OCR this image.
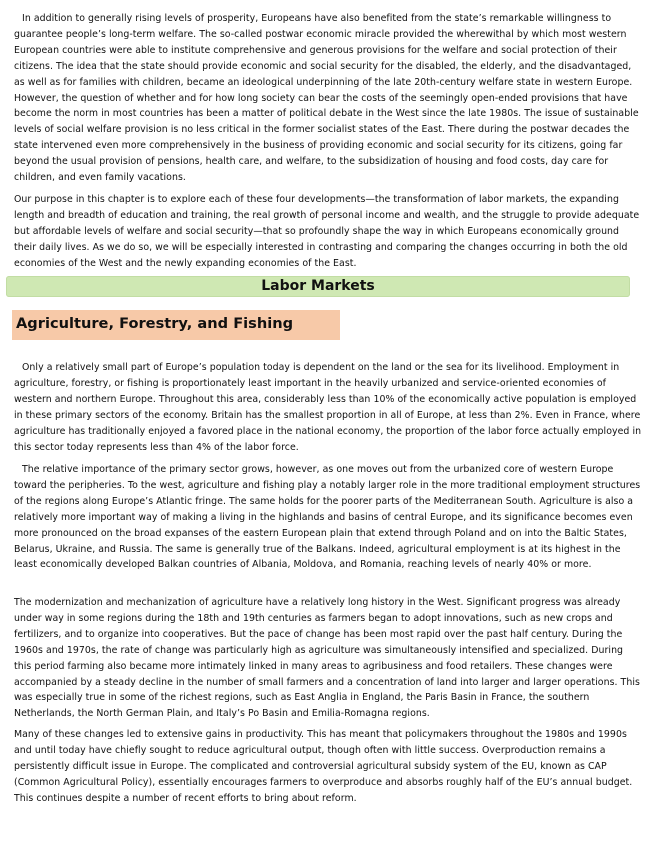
In addition to generally rising levels of prosperity, Europeans have also benefited from the state’s remarkable willingness to guarantee people’s long-term welfare. The so-called postwar economic miracle provided the wherewithal by which most western European countries were able to institute comprehensive and generous provisions for the welfare and social protection of their citizens. The idea that the state should provide economic and social security for the disabled, the elderly, and the disadvantaged, as well as for families with children, became an ideological underpinning of the late 20th-century welfare state in western Europe. However, the question of whether and for how long society can bear the costs of the seemingly open-ended provisions that have become the norm in most countries has been a matter of political debate in the West since the late 1980s. The issue of sustainable levels of social welfare provision is no less critical in the former socialist states of the East. There during the postwar decades the state intervened even more comprehensively in the business of providing economic and social security for its citizens, going far beyond the usual provision of pensions, health care, and welfare, to the subsidization of housing and food costs, day care for children, and even family vacations.

Our purpose in this chapter is to explore each of these four developments—the transformation of labor markets, the expanding length and breadth of education and training, the real growth of personal income and wealth, and the struggle to provide adequate but affordable levels of welfare and social security—that so profoundly shape the way in which Europeans economically ground their daily lives. As we do so, we will be especially interested in contrasting and comparing the changes occurring in both the old economies of the West and the newly expanding economies of the East.

Labor Markets
Agriculture, Forestry, and Fishing

Only a relatively small part of Europe’s population today is dependent on the land or the sea for its livelihood. Employment in agriculture, forestry, or fishing is proportionately least important in the heavily urbanized and service-oriented economies of western and northern Europe. Throughout this area, considerably less than 10% of the economically active population is employed in these primary sectors of the economy. Britain has the smallest proportion in all of Europe, at less than 2%. Even in France, where agriculture has traditionally enjoyed a favored place in the national economy, the proportion of the labor force actually employed in this sector today represents less than 4% of the labor force.

The relative importance of the primary sector grows, however, as one moves out from the urbanized core of western Europe toward the peripheries. To the west, agriculture and fishing play a notably larger role in the more traditional employment structures of the regions along Europe’s Atlantic fringe. The same holds for the poorer parts of the Mediterranean South. Agriculture is also a relatively more important way of making a living in the highlands and basins of central Europe, and its significance becomes even more pronounced on the broad expanses of the eastern European plain that extend through Poland and on into the Baltic States, Belarus, Ukraine, and Russia. The same is generally true of the Balkans. Indeed, agricultural employment is at its highest in the least economically developed Balkan countries of Albania, Moldova, and Romania, reaching levels of nearly 40% or more.

The modernization and mechanization of agriculture have a relatively long history in the West. Significant progress was already under way in some regions during the 18th and 19th centuries as farmers began to adopt innovations, such as new crops and fertilizers, and to organize into cooperatives. But the pace of change has been most rapid over the past half century. During the 1960s and 1970s, the rate of change was particularly high as agriculture was simultaneously intensified and specialized. During this period farming also became more intimately linked in many areas to agribusiness and food retailers. These changes were accompanied by a steady decline in the number of small farmers and a concentration of land into larger and larger operations. This was especially true in some of the richest regions, such as East Anglia in England, the Paris Basin in France, the southern Netherlands, the North German Plain, and Italy’s Po Basin and Emilia-Romagna regions.

Many of these changes led to extensive gains in productivity. This has meant that policymakers throughout the 1980s and 1990s and until today have chiefly sought to reduce agricultural output, though often with little success. Overproduction remains a persistently difficult issue in Europe. The complicated and controversial agricultural subsidy system of the EU, known as CAP (Common Agricultural Policy), essentially encourages farmers to overproduce and absorbs roughly half of the EU’s annual budget. This continues despite a number of recent efforts to bring about reform.
